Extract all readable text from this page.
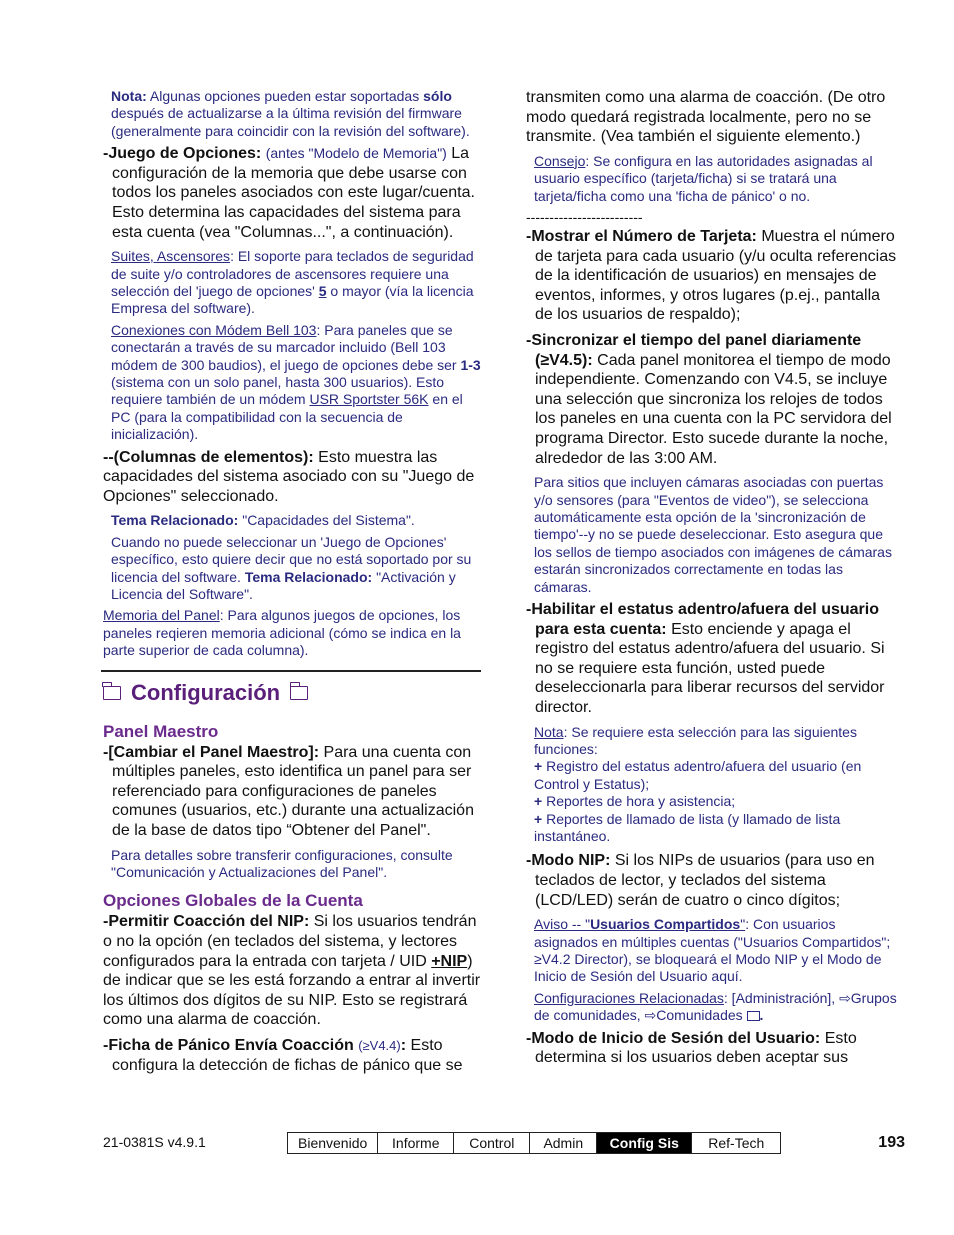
Nota: Algunas opciones pueden estar soportadas sólo después de actualizarse a la última revisión del firmware (generalmente para coincidir con la revisión del software).

-Juego de Opciones: (antes "Modelo de Memoria") La configuración de la memoria que debe usarse con todos los paneles asociados con este lugar/cuenta. Esto determina las capacidades del sistema para esta cuenta (vea "Columnas...", a continuación).

Suites, Ascensores: El soporte para teclados de seguridad de suite y/o controladores de ascensores requiere una selección del 'juego de opciones' 5 o mayor (vía la licencia Empresa del software).

Conexiones con Módem Bell 103: Para paneles que se conectarán a través de su marcador incluido (Bell 103 módem de 300 baudios), el juego de opciones debe ser 1-3 (sistema con un solo panel, hasta 300 usuarios). Esto requiere también de un módem USR Sportster 56K en el PC (para la compatibilidad con la secuencia de inicialización).

--(Columnas de elementos): Esto muestra las capacidades del sistema asociado con su "Juego de Opciones" seleccionado.

Tema Relacionado: "Capacidades del Sistema".

Cuando no puede seleccionar un 'Juego de Opciones' específico, esto quiere decir que no está soportado por su licencia del software. Tema Relacionado: "Activación y Licencia del Software".

Memoria del Panel: Para algunos juegos de opciones, los paneles reqieren memoria adicional (cómo se indica en la parte superior de cada columna).

Configuración
Panel Maestro

-[Cambiar el Panel Maestro]: Para una cuenta con múltiples paneles, esto identifica un panel para ser referenciado para configuraciones de paneles comunes (usuarios, etc.) durante una actualización de la base de datos tipo “Obtener del Panel".

Para detalles sobre transferir configuraciones, consulte "Comunicación y Actualizaciones del Panel".

Opciones Globales de la Cuenta

-Permitir Coacción del NIP: Si los usuarios tendrán o no la opción (en teclados del sistema, y lectores configurados para la entrada con tarjeta / UID +NIP) de indicar que se les está forzando a entrar al invertir los últimos dos dígitos de su NIP. Esto se registrará como una alarma de coacción.

-Ficha de Pánico Envía Coacción (≥V4.4): Esto configura la detección de fichas de pánico que se

transmiten como una alarma de coacción. (De otro modo quedará registrada localmente, pero no se transmite. (Vea también el siguiente elemento.)

Consejo: Se configura en las autoridades asignadas al usuario específico (tarjeta/ficha) si se tratará una tarjeta/ficha como una 'ficha de pánico' o no.

-------------------------

-Mostrar el Número de Tarjeta: Muestra el número de tarjeta para cada usuario (y/u oculta referencias de la identificación de usuarios) en mensajes de eventos, informes, y otros lugares (p.ej., pantalla de los usuarios de respaldo);

-Sincronizar el tiempo del panel diariamente (≥V4.5): Cada panel monitorea el tiempo de modo independiente. Comenzando con V4.5, se incluye una selección que sincroniza los relojes de todos los paneles en una cuenta con la PC servidora del programa Director. Esto sucede durante la noche, alrededor de las 3:00 AM.

Para sitios que incluyen cámaras asociadas con puertas y/o sensores (para "Eventos de video"), se selecciona automáticamente esta opción de la 'sincronización de tiempo'--y no se puede deseleccionar. Esto asegura que los sellos de tiempo asociados con imágenes de cámaras estarán sincronizados correctamente en todas las cámaras.

-Habilitar el estatus adentro/afuera del usuario para esta cuenta: Esto enciende y apaga el registro del estatus adentro/afuera del usuario. Si no se requiere esta función, usted puede deseleccionarla para liberar recursos del servidor director.

Nota: Se requiere esta selección para las siguientes funciones:
+ Registro del estatus adentro/afuera del usuario (en Control y Estatus);
+ Reportes de hora y asistencia;
+ Reportes de llamado de lista (y llamado de lista instantáneo.

-Modo NIP: Si los NIPs de usuarios (para uso en teclados de lector, y teclados del sistema (LCD/LED) serán de cuatro o cinco dígitos;

Aviso -- "Usuarios Compartidos": Con usuarios asignados en múltiples cuentas ("Usuarios Compartidos"; ≥V4.2 Director), se bloqueará el Modo NIP y el Modo de Inicio de Sesión del Usuario aquí.

Configuraciones Relacionadas: [Administración], ⇨Grupos de comunidades, ⇨Comunidades .

-Modo de Inicio de Sesión del Usuario: Esto determina si los usuarios deben aceptar sus

21-0381S v4.9.1	Bienvenido	Informe	Control	Admin	Config Sis	Ref-Tech	193
